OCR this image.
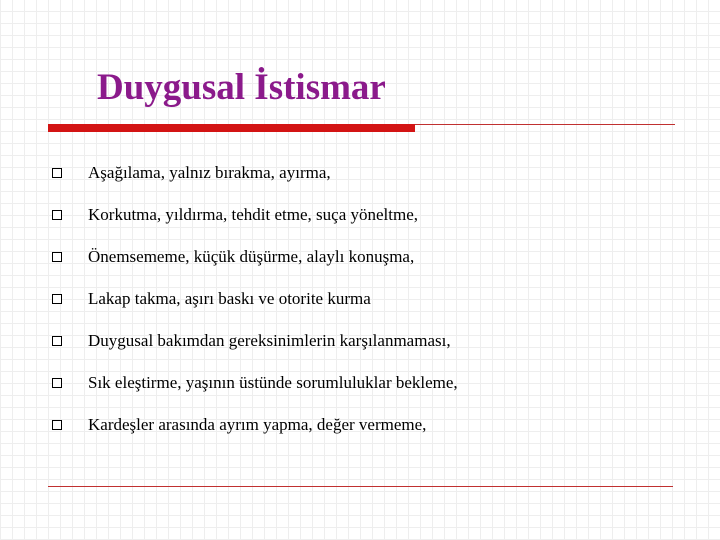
Duygusal İstismar
Aşağılama, yalnız bırakma, ayırma,
Korkutma, yıldırma, tehdit etme, suça yöneltme,
Önemsememe, küçük düşürme, alaylı konuşma,
Lakap takma, aşırı baskı ve otorite kurma
Duygusal bakımdan gereksinimlerin karşılanmaması,
Sık eleştirme, yaşının üstünde sorumluluklar bekleme,
Kardeşler arasında ayrım yapma, değer vermeme,
